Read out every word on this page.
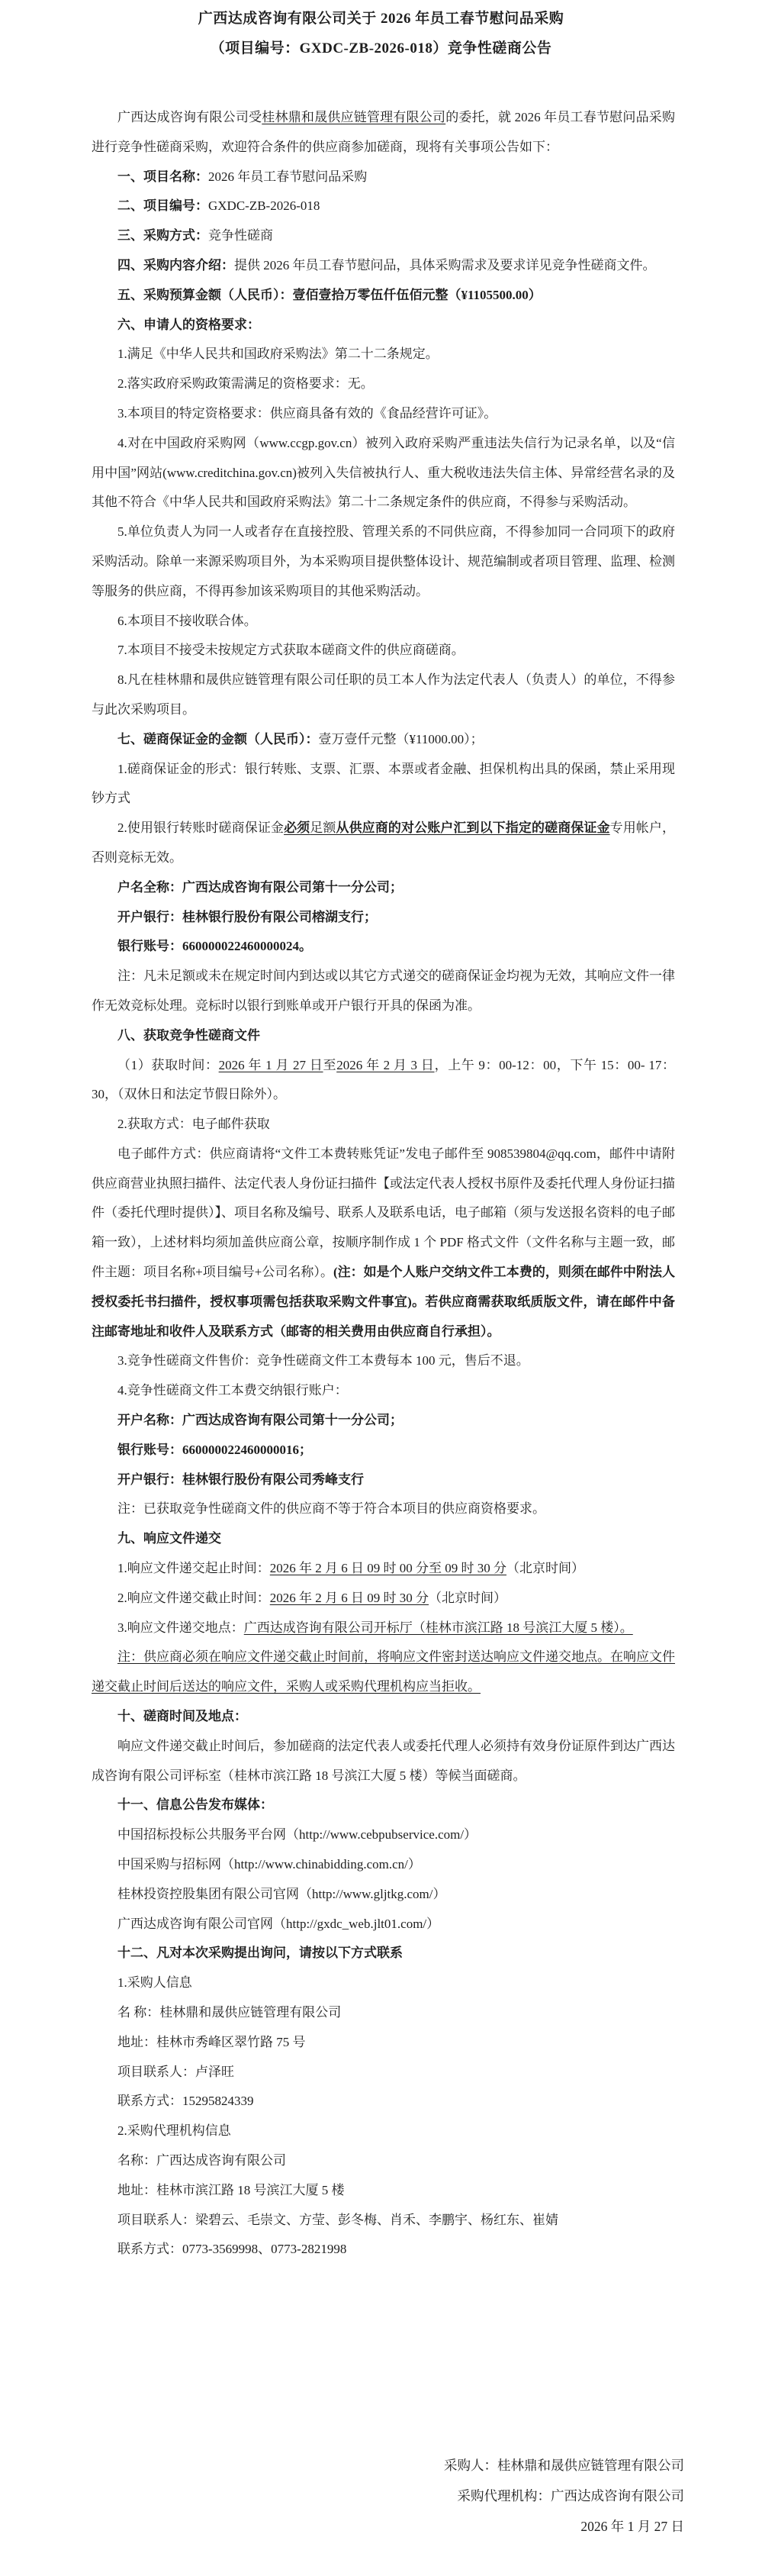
广西达成咨询有限公司关于 2026 年员工春节慰问品采购
（项目编号：GXDC-ZB-2026-018）竞争性磋商公告

广西达成咨询有限公司受桂林鼎和晟供应链管理有限公司的委托，就 2026 年员工春节慰问品采购进行竞争性磋商采购，欢迎符合条件的供应商参加磋商，现将有关事项公告如下：

一、项目名称：2026 年员工春节慰问品采购

二、项目编号：GXDC-ZB-2026-018

三、采购方式：竞争性磋商

四、采购内容介绍：提供 2026 年员工春节慰问品，具体采购需求及要求详见竞争性磋商文件。

五、采购预算金额（人民币）：壹佰壹拾万零伍仟伍佰元整（¥1105500.00）

六、申请人的资格要求：

1.满足《中华人民共和国政府采购法》第二十二条规定。

2.落实政府采购政策需满足的资格要求：无。

3.本项目的特定资格要求：供应商具备有效的《食品经营许可证》。

4.对在中国政府采购网（www.ccgp.gov.cn）被列入政府采购严重违法失信行为记录名单，以及“信用中国”网站(www.creditchina.gov.cn)被列入失信被执行人、重大税收违法失信主体、异常经营名录的及其他不符合《中华人民共和国政府采购法》第二十二条规定条件的供应商，不得参与采购活动。

5.单位负责人为同一人或者存在直接控股、管理关系的不同供应商，不得参加同一合同项下的政府采购活动。除单一来源采购项目外，为本采购项目提供整体设计、规范编制或者项目管理、监理、检测等服务的供应商，不得再参加该采购项目的其他采购活动。

6.本项目不接收联合体。

7.本项目不接受未按规定方式获取本磋商文件的供应商磋商。

8.凡在桂林鼎和晟供应链管理有限公司任职的员工本人作为法定代表人（负责人）的单位，不得参与此次采购项目。

七、磋商保证金的金额（人民币）：壹万壹仟元整（¥11000.00）；

1.磋商保证金的形式：银行转账、支票、汇票、本票或者金融、担保机构出具的保函，禁止采用现钞方式

2.使用银行转账时磋商保证金必须足额从供应商的对公账户汇到以下指定的磋商保证金专用帐户，否则竞标无效。

户名全称：广西达成咨询有限公司第十一分公司；

开户银行：桂林银行股份有限公司榕湖支行；

银行账号：660000022460000024。

注：凡未足额或未在规定时间内到达或以其它方式递交的磋商保证金均视为无效，其响应文件一律作无效竞标处理。竞标时以银行到账单或开户银行开具的保函为准。

八、获取竞争性磋商文件

（1）获取时间：2026 年 1 月 27 日至2026 年 2 月 3 日，上午 9：00-12：00，下午 15：00- 17：30，（双休日和法定节假日除外）。

2.获取方式：电子邮件获取

电子邮件方式：供应商请将“文件工本费转账凭证”发电子邮件至 908539804@qq.com，邮件中请附供应商营业执照扫描件、法定代表人身份证扫描件【或法定代表人授权书原件及委托代理人身份证扫描件（委托代理时提供）】、项目名称及编号、联系人及联系电话，电子邮箱（须与发送报名资料的电子邮箱一致），上述材料均须加盖供应商公章，按顺序制作成 1 个 PDF 格式文件（文件名称与主题一致，邮件主题：项目名称+项目编号+公司名称）。(注：如是个人账户交纳文件工本费的，则须在邮件中附法人授权委托书扫描件，授权事项需包括获取采购文件事宜)。若供应商需获取纸质版文件，请在邮件中备注邮寄地址和收件人及联系方式（邮寄的相关费用由供应商自行承担）。

3.竞争性磋商文件售价：竞争性磋商文件工本费每本 100 元，售后不退。

4.竞争性磋商文件工本费交纳银行账户：

开户名称：广西达成咨询有限公司第十一分公司；

银行账号：660000022460000016；

开户银行：桂林银行股份有限公司秀峰支行

注：已获取竞争性磋商文件的供应商不等于符合本项目的供应商资格要求。

九、响应文件递交

1.响应文件递交起止时间：2026 年 2 月 6 日 09 时 00 分至 09 时 30 分（北京时间）

2.响应文件递交截止时间：2026 年 2 月 6 日 09 时 30 分（北京时间）

3.响应文件递交地点：广西达成咨询有限公司开标厅（桂林市滨江路 18 号滨江大厦 5 楼）。

注：供应商必须在响应文件递交截止时间前，将响应文件密封送达响应文件递交地点。在响应文件递交截止时间后送达的响应文件，采购人或采购代理机构应当拒收。

十、磋商时间及地点：

响应文件递交截止时间后，参加磋商的法定代表人或委托代理人必须持有效身份证原件到达广西达成咨询有限公司评标室（桂林市滨江路 18 号滨江大厦 5 楼）等候当面磋商。

十一、信息公告发布媒体：

中国招标投标公共服务平台网（http://www.cebpubservice.com/）

中国采购与招标网（http://www.chinabidding.com.cn/）

桂林投资控股集团有限公司官网（http://www.gljtkg.com/）

广西达成咨询有限公司官网（http://gxdc_web.jlt01.com/）

十二、凡对本次采购提出询问，请按以下方式联系

1.采购人信息

名 称：桂林鼎和晟供应链管理有限公司

地址：桂林市秀峰区翠竹路 75 号

项目联系人：卢泽旺

联系方式：15295824339

2.采购代理机构信息

名称：广西达成咨询有限公司

地址：桂林市滨江路 18 号滨江大厦 5 楼

项目联系人：梁碧云、毛崇文、方莹、彭冬梅、肖禾、李鹏宇、杨红东、崔婧

联系方式：0773-3569998、0773-2821998

采购人：桂林鼎和晟供应链管理有限公司
采购代理机构：广西达成咨询有限公司
2026 年 1 月 27 日
